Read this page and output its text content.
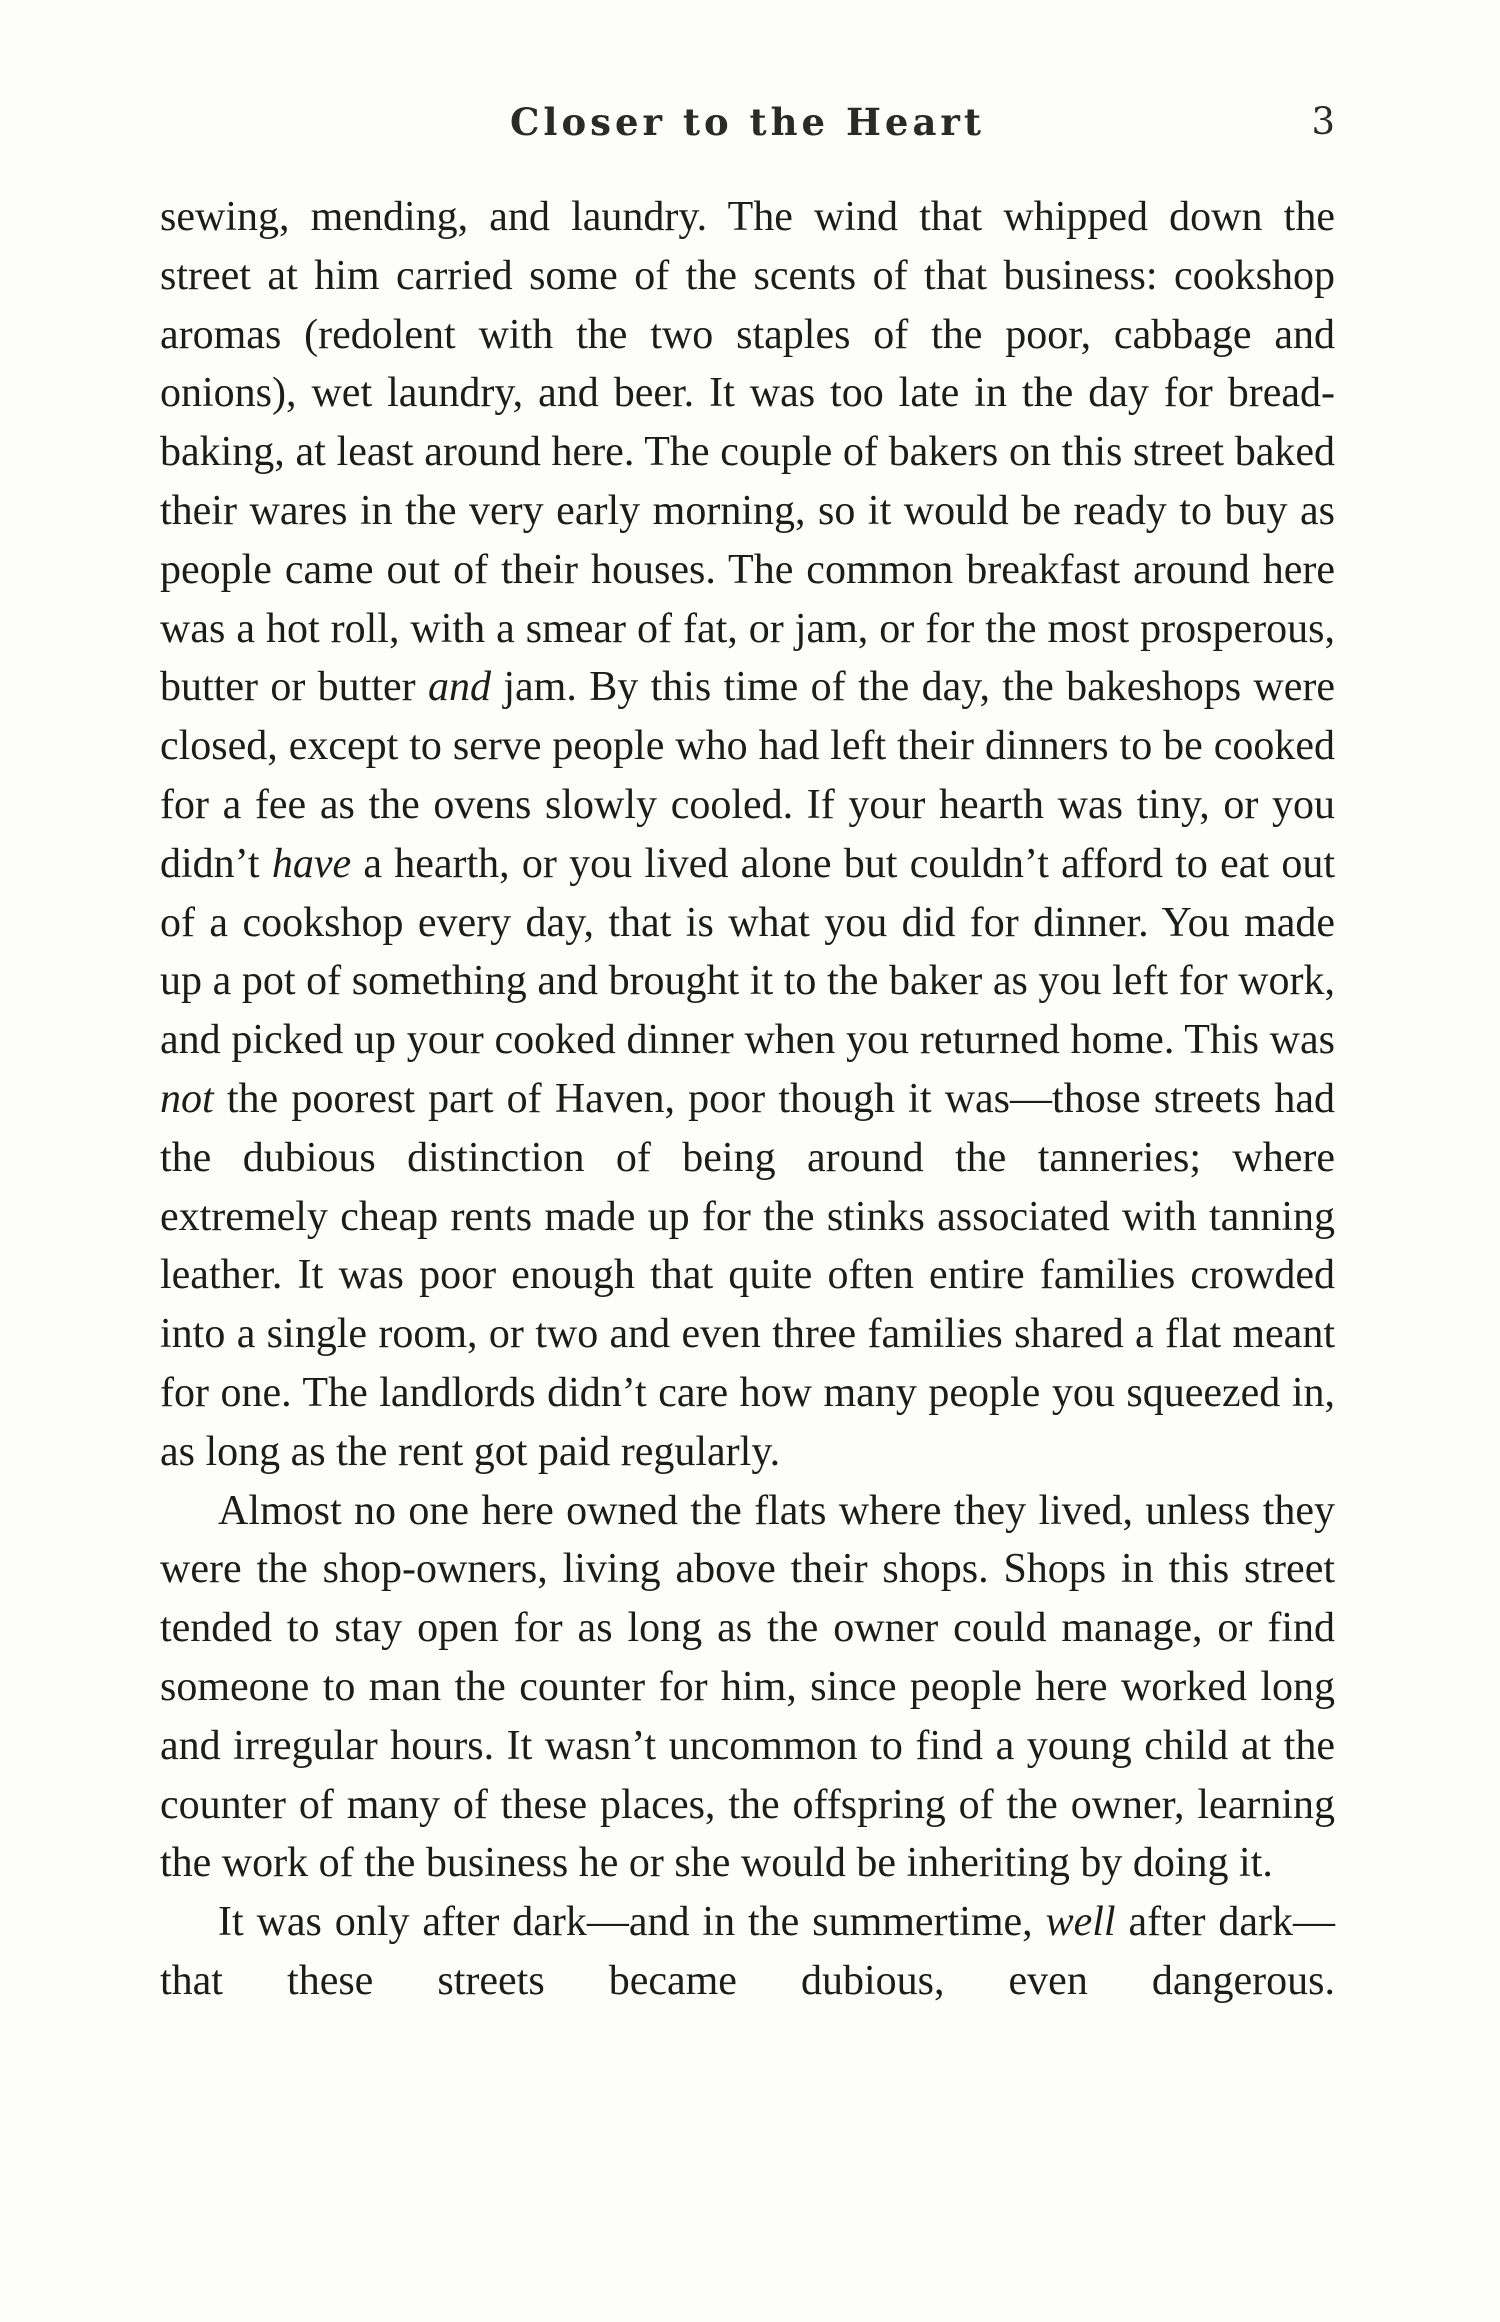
Closer to the Heart	3

sewing, mending, and laundry. The wind that whipped down the street at him carried some of the scents of that business: cookshop aromas (redolent with the two staples of the poor, cabbage and onions), wet laundry, and beer. It was too late in the day for bread-baking, at least around here. The couple of bakers on this street baked their wares in the very early morning, so it would be ready to buy as people came out of their houses. The common breakfast around here was a hot roll, with a smear of fat, or jam, or for the most prosperous, butter or butter and jam. By this time of the day, the bakeshops were closed, except to serve people who had left their dinners to be cooked for a fee as the ovens slowly cooled. If your hearth was tiny, or you didn’t have a hearth, or you lived alone but couldn’t afford to eat out of a cookshop every day, that is what you did for dinner. You made up a pot of something and brought it to the baker as you left for work, and picked up your cooked dinner when you returned home. This was not the poorest part of Haven, poor though it was—those streets had the dubious distinction of being around the tanneries; where extremely cheap rents made up for the stinks associated with tanning leather. It was poor enough that quite often entire families crowded into a single room, or two and even three families shared a flat meant for one. The landlords didn’t care how many people you squeezed in, as long as the rent got paid regularly.

Almost no one here owned the flats where they lived, unless they were the shop-owners, living above their shops. Shops in this street tended to stay open for as long as the owner could manage, or find someone to man the counter for him, since people here worked long and irregular hours. It wasn’t uncommon to find a young child at the counter of many of these places, the offspring of the owner, learning the work of the business he or she would be inheriting by doing it.

It was only after dark—and in the summertime, well after dark—that these streets became dubious, even dangerous.
